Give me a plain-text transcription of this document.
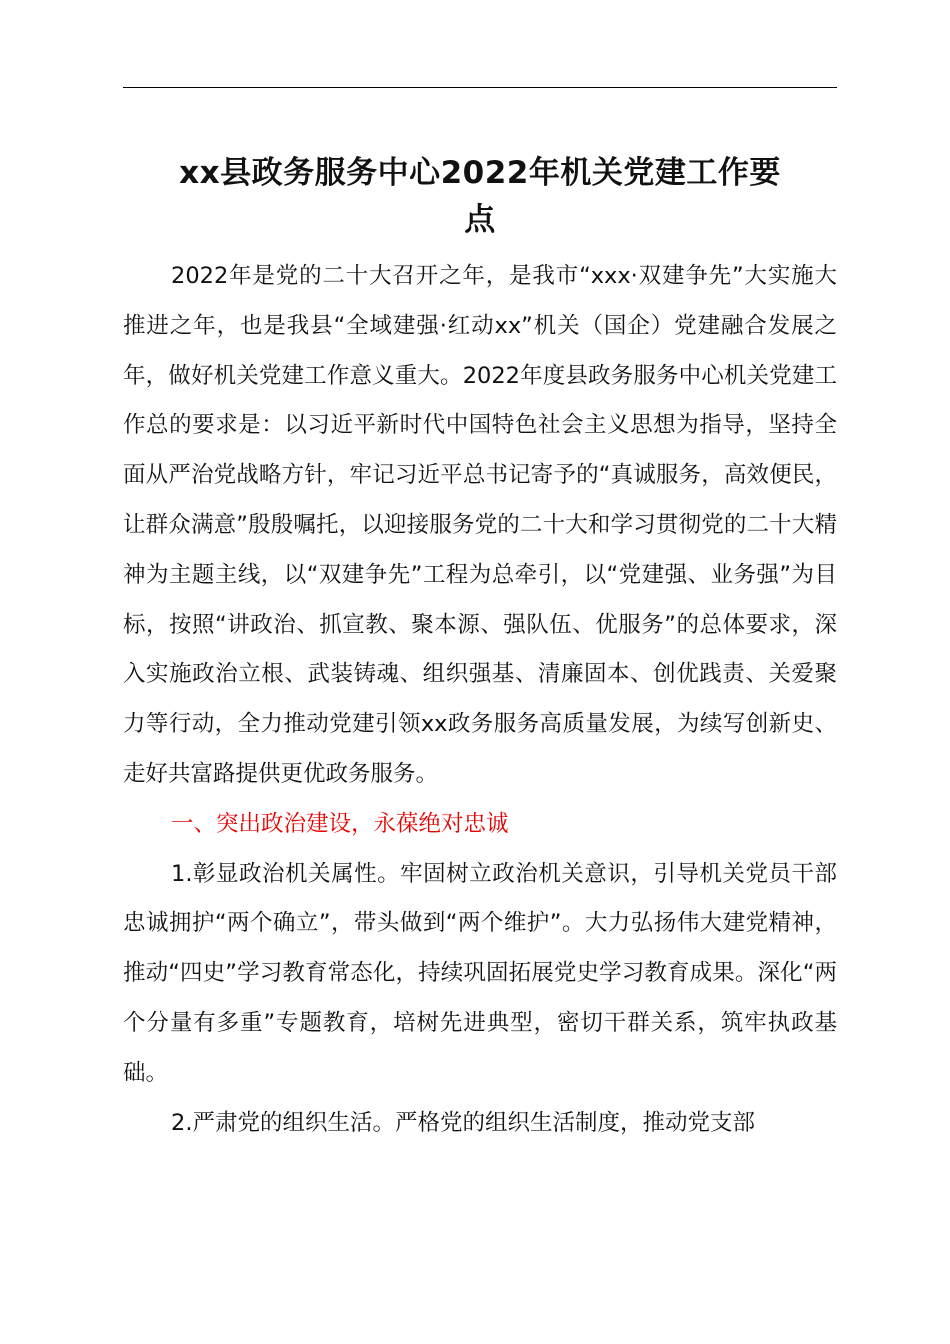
xx县政务服务中心2022年机关党建工作要
点

2022年是党的二十大召开之年，是我市“xxx·双建争先”大实施大推进之年，也是我县“全域建强·红动xx”机关（国企）党建融合发展之年，做好机关党建工作意义重大。2022年度县政务服务中心机关党建工作总的要求是：以习近平新时代中国特色社会主义思想为指导，坚持全面从严治党战略方针，牢记习近平总书记寄予的“真诚服务，高效便民，让群众满意”殷殷嘱托，以迎接服务党的二十大和学习贯彻党的二十大精神为主题主线，以“双建争先”工程为总牵引，以“党建强、业务强”为目标，按照“讲政治、抓宣教、聚本源、强队伍、优服务”的总体要求，深入实施政治立根、武装铸魂、组织强基、清廉固本、创优践责、关爱聚力等行动，全力推动党建引领xx政务服务高质量发展，为续写创新史、走好共富路提供更优政务服务。

一、突出政治建设，永葆绝对忠诚

1.彰显政治机关属性。牢固树立政治机关意识，引导机关党员干部忠诚拥护“两个确立”，带头做到“两个维护”。大力弘扬伟大建党精神，推动“四史”学习教育常态化，持续巩固拓展党史学习教育成果。深化“两个分量有多重”专题教育，培树先进典型，密切干群关系，筑牢执政基础。

2.严肃党的组织生活。严格党的组织生活制度，推动党支部
